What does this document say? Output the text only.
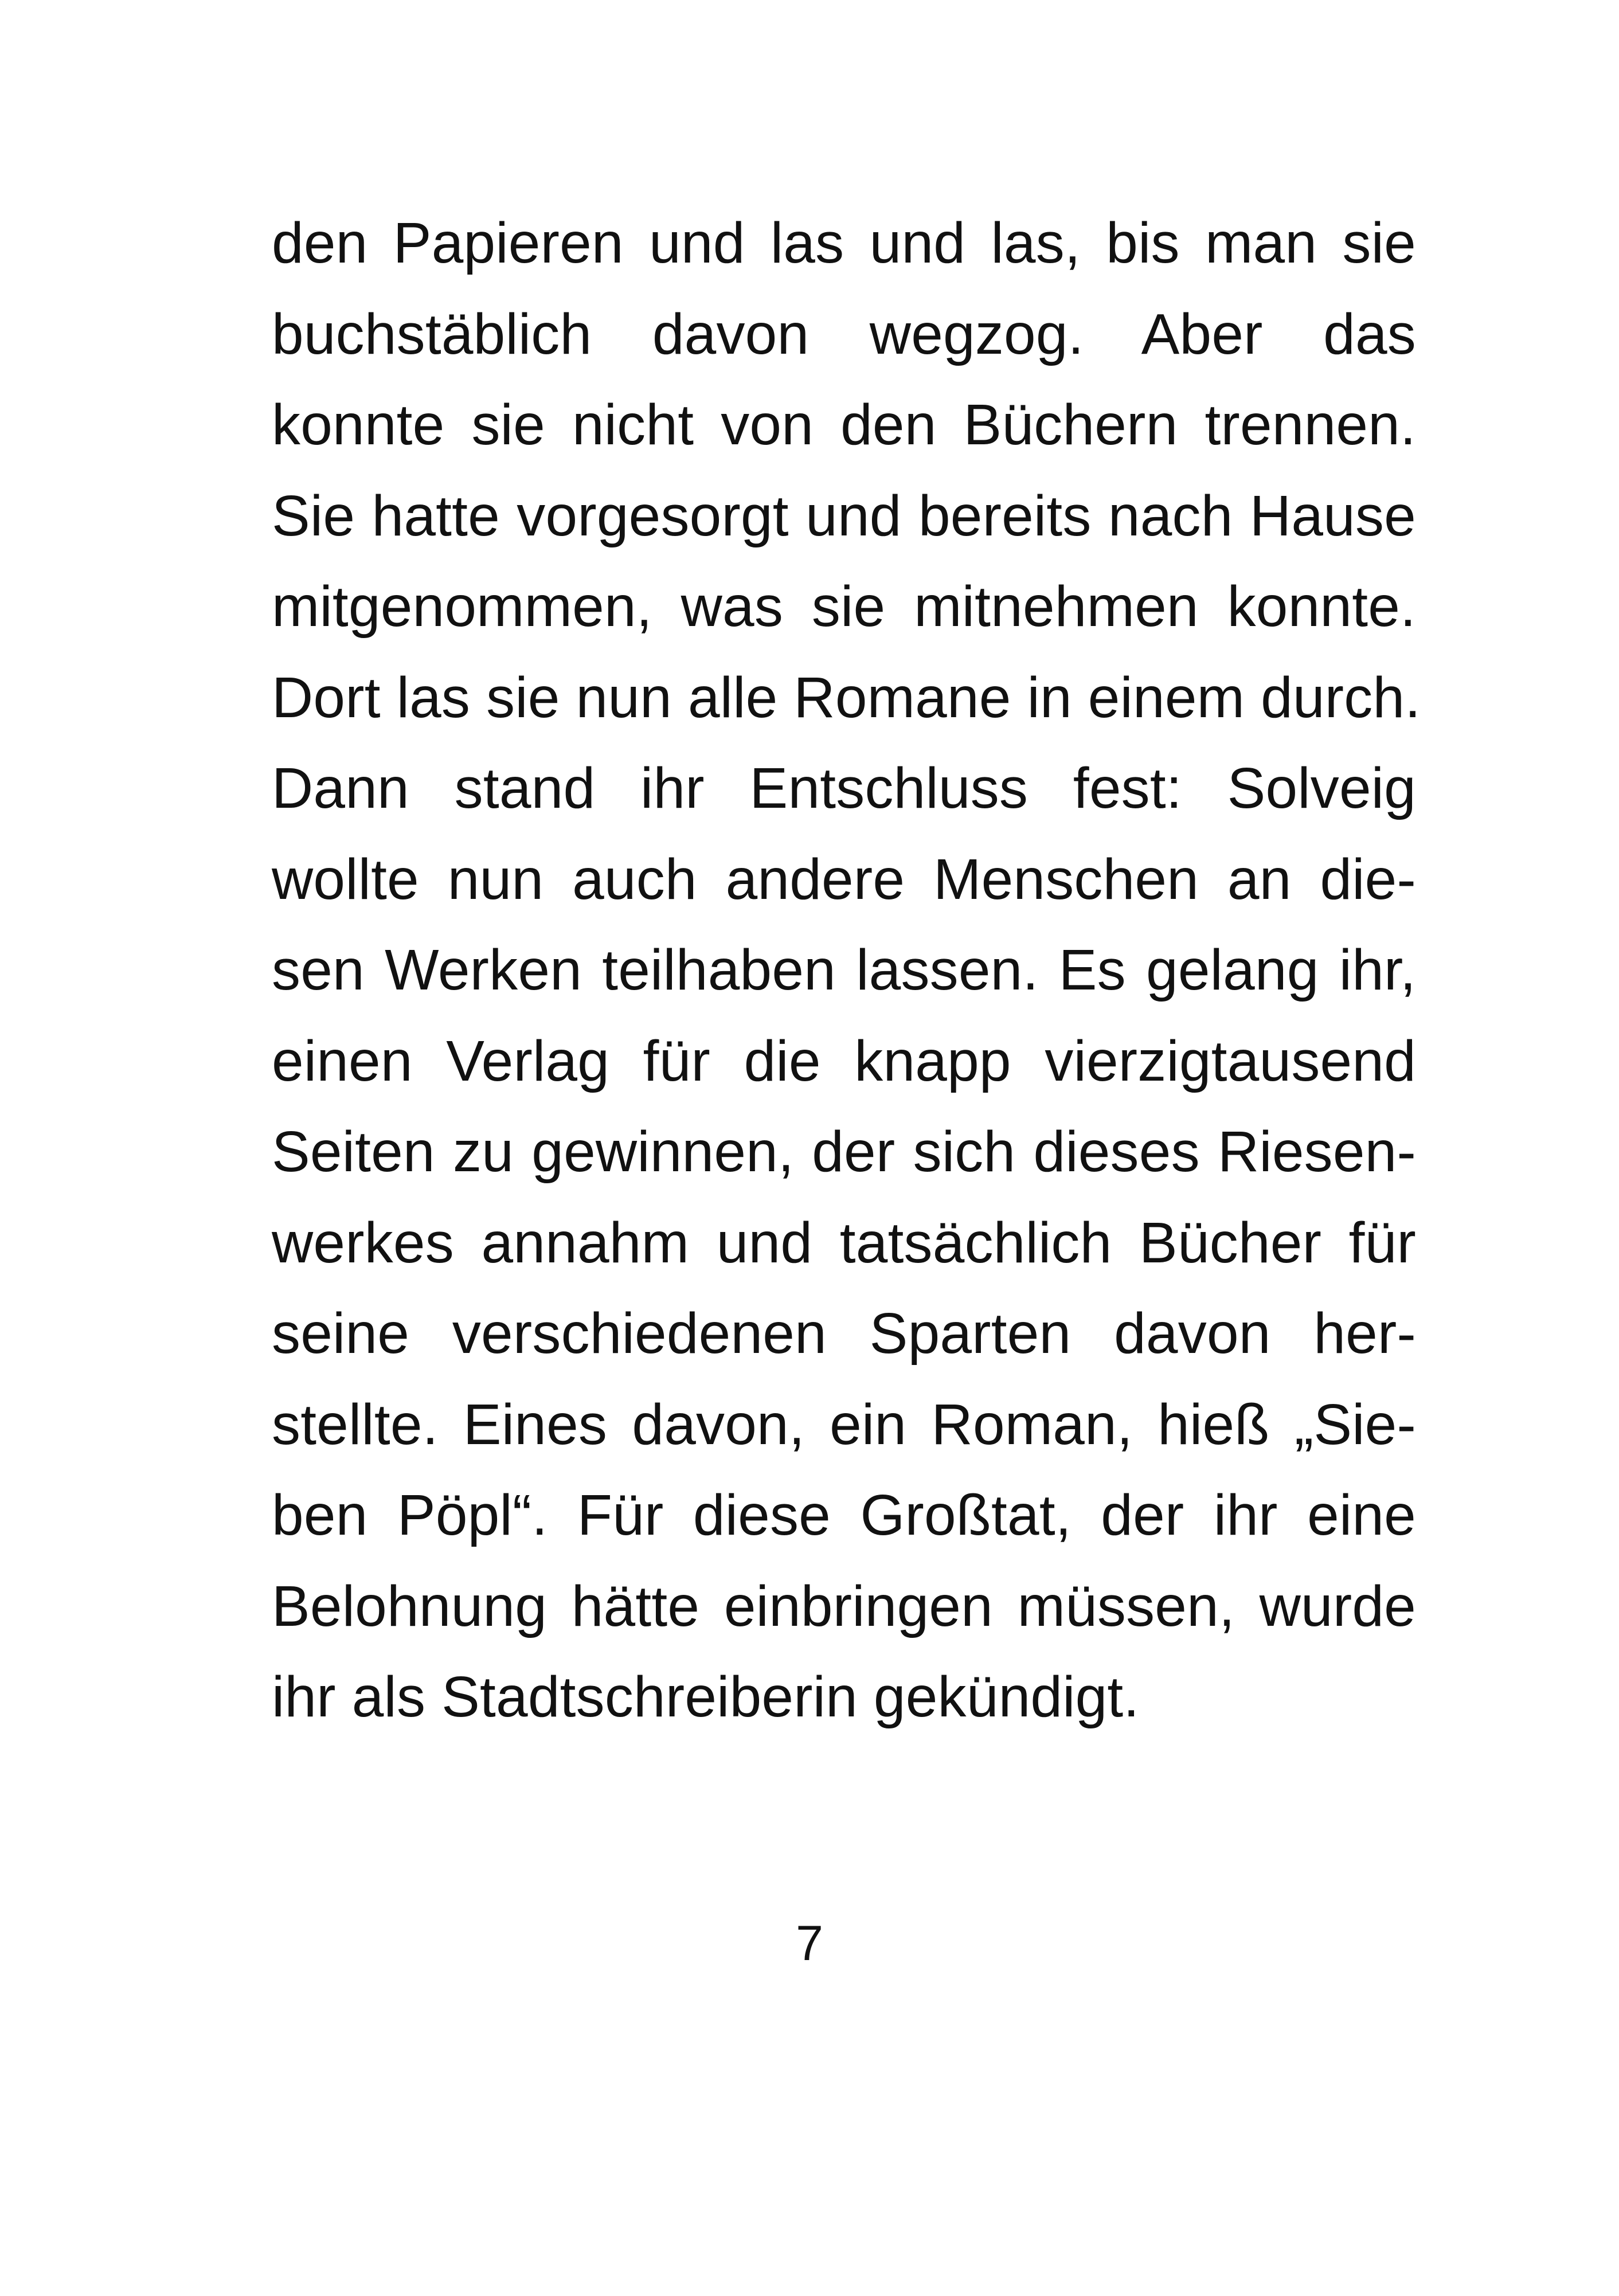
den Papieren und las und las, bis man sie
buchstäblich davon wegzog. Aber das
konnte sie nicht von den Büchern trennen.
Sie hatte vorgesorgt und bereits nach Hause
mitgenommen, was sie mitnehmen konnte.
Dort las sie nun alle Romane in einem durch.
Dann stand ihr Entschluss fest: Solveig
wollte nun auch andere Menschen an die-
sen Werken teilhaben lassen. Es gelang ihr,
einen Verlag für die knapp vierzigtausend
Seiten zu gewinnen, der sich dieses Riesen-
werkes annahm und tatsächlich Bücher für
seine verschiedenen Sparten davon her-
stellte. Eines davon, ein Roman, hieß „Sie-
ben Pöpl“. Für diese Großtat, der ihr eine
Belohnung hätte einbringen müssen, wurde
ihr als Stadtschreiberin gekündigt.
7
